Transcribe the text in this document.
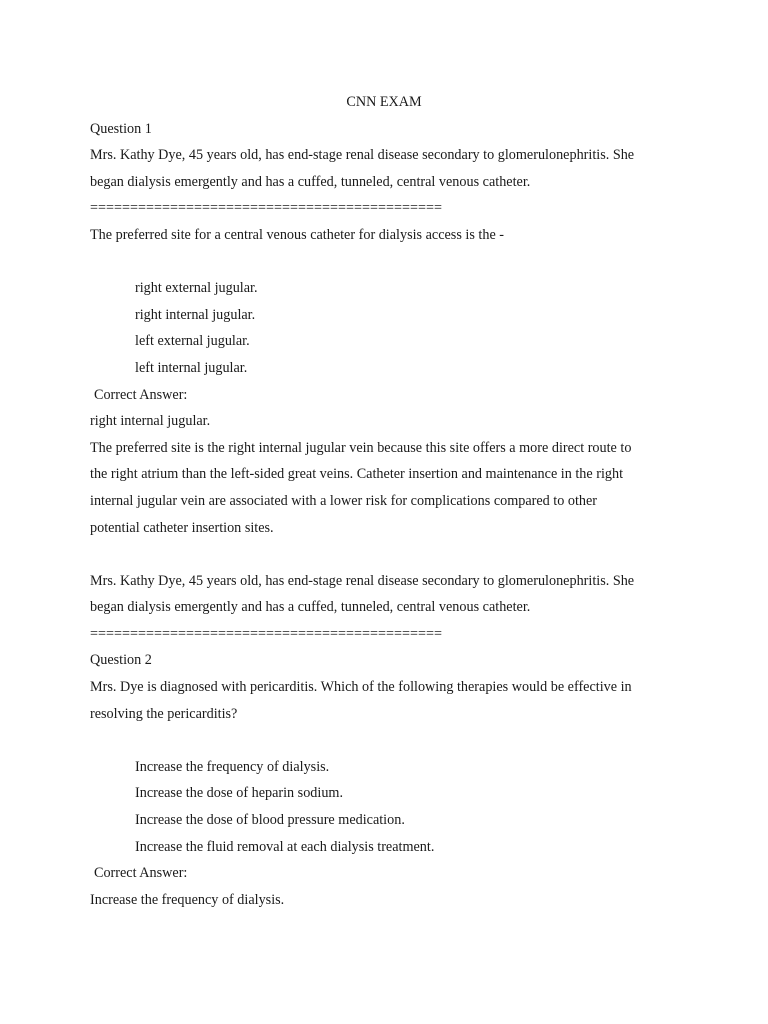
CNN EXAM

Question 1

Mrs. Kathy Dye, 45 years old, has end-stage renal disease secondary to glomerulonephritis. She

began dialysis emergently and has a cuffed, tunneled, central venous catheter.

============================================

The preferred site for a central venous catheter for dialysis access is the -

right external jugular.

right internal jugular.

left external jugular.

left internal jugular.

Correct Answer:

right internal jugular.

The preferred site is the right internal jugular vein because this site offers a more direct route to

the right atrium than the left-sided great veins. Catheter insertion and maintenance in the right

internal jugular vein are associated with a lower risk for complications compared to other

potential catheter insertion sites.

Mrs. Kathy Dye, 45 years old, has end-stage renal disease secondary to glomerulonephritis. She

began dialysis emergently and has a cuffed, tunneled, central venous catheter.

============================================

Question 2

Mrs. Dye is diagnosed with pericarditis. Which of the following therapies would be effective in

resolving the pericarditis?

Increase the frequency of dialysis.

Increase the dose of heparin sodium.

Increase the dose of blood pressure medication.

Increase the fluid removal at each dialysis treatment.

Correct Answer:

Increase the frequency of dialysis.
